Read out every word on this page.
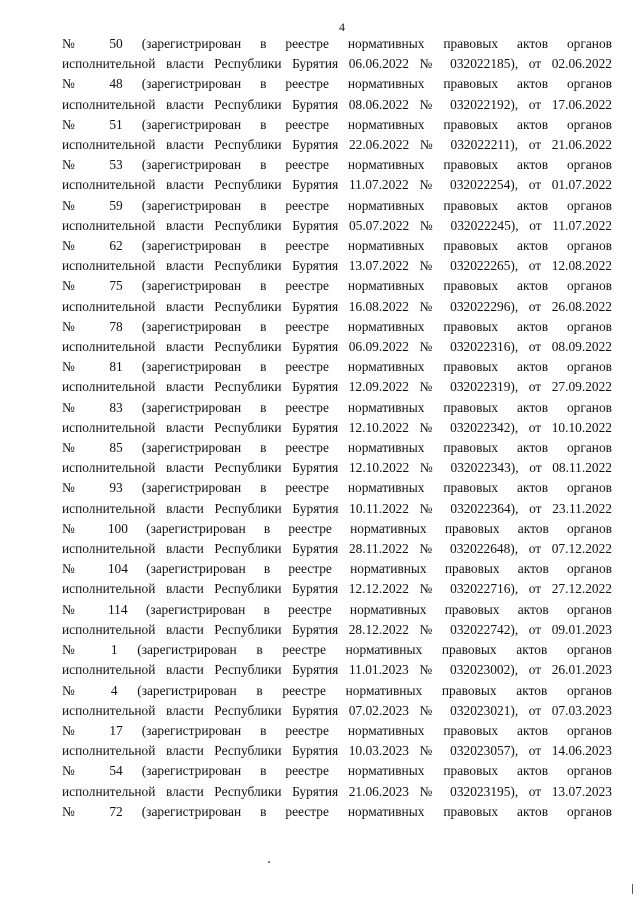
4
№ 50 (зарегистрирован в реестре нормативных правовых актов органов
исполнительной власти Республики Бурятия 06.06.2022 № 032022185), от 02.06.2022
№ 48 (зарегистрирован в реестре нормативных правовых актов органов
исполнительной власти Республики Бурятия 08.06.2022 № 032022192), от 17.06.2022
№ 51 (зарегистрирован в реестре нормативных правовых актов органов
исполнительной власти Республики Бурятия 22.06.2022 № 032022211), от 21.06.2022
№ 53 (зарегистрирован в реестре нормативных правовых актов органов
исполнительной власти Республики Бурятия 11.07.2022 № 032022254), от 01.07.2022
№ 59 (зарегистрирован в реестре нормативных правовых актов органов
исполнительной власти Республики Бурятия 05.07.2022 № 032022245), от 11.07.2022
№ 62 (зарегистрирован в реестре нормативных правовых актов органов
исполнительной власти Республики Бурятия 13.07.2022 № 032022265), от 12.08.2022
№ 75 (зарегистрирован в реестре нормативных правовых актов органов
исполнительной власти Республики Бурятия 16.08.2022 № 032022296), от 26.08.2022
№ 78 (зарегистрирован в реестре нормативных правовых актов органов
исполнительной власти Республики Бурятия 06.09.2022 № 032022316), от 08.09.2022
№ 81 (зарегистрирован в реестре нормативных правовых актов органов
исполнительной власти Республики Бурятия 12.09.2022 № 032022319), от 27.09.2022
№ 83 (зарегистрирован в реестре нормативных правовых актов органов
исполнительной власти Республики Бурятия 12.10.2022 № 032022342), от 10.10.2022
№ 85 (зарегистрирован в реестре нормативных правовых актов органов
исполнительной власти Республики Бурятия 12.10.2022 № 032022343), от 08.11.2022
№ 93 (зарегистрирован в реестре нормативных правовых актов органов
исполнительной власти Республики Бурятия 10.11.2022 № 032022364), от 23.11.2022
№ 100 (зарегистрирован в реестре нормативных правовых актов органов
исполнительной власти Республики Бурятия 28.11.2022 № 032022648), от 07.12.2022
№ 104 (зарегистрирован в реестре нормативных правовых актов органов
исполнительной власти Республики Бурятия 12.12.2022 № 032022716), от 27.12.2022
№ 114 (зарегистрирован в реестре нормативных правовых актов органов
исполнительной власти Республики Бурятия 28.12.2022 № 032022742), от 09.01.2023
№ 1 (зарегистрирован в реестре нормативных правовых актов органов
исполнительной власти Республики Бурятия 11.01.2023 № 032023002), от 26.01.2023
№ 4 (зарегистрирован в реестре нормативных правовых актов органов
исполнительной власти Республики Бурятия 07.02.2023 № 032023021), от 07.03.2023
№ 17 (зарегистрирован в реестре нормативных правовых актов органов
исполнительной власти Республики Бурятия 10.03.2023 № 032023057), от 14.06.2023
№ 54 (зарегистрирован в реестре нормативных правовых актов органов
исполнительной власти Республики Бурятия 21.06.2023 № 032023195), от 13.07.2023
№ 72 (зарегистрирован в реестре нормативных правовых актов органов
